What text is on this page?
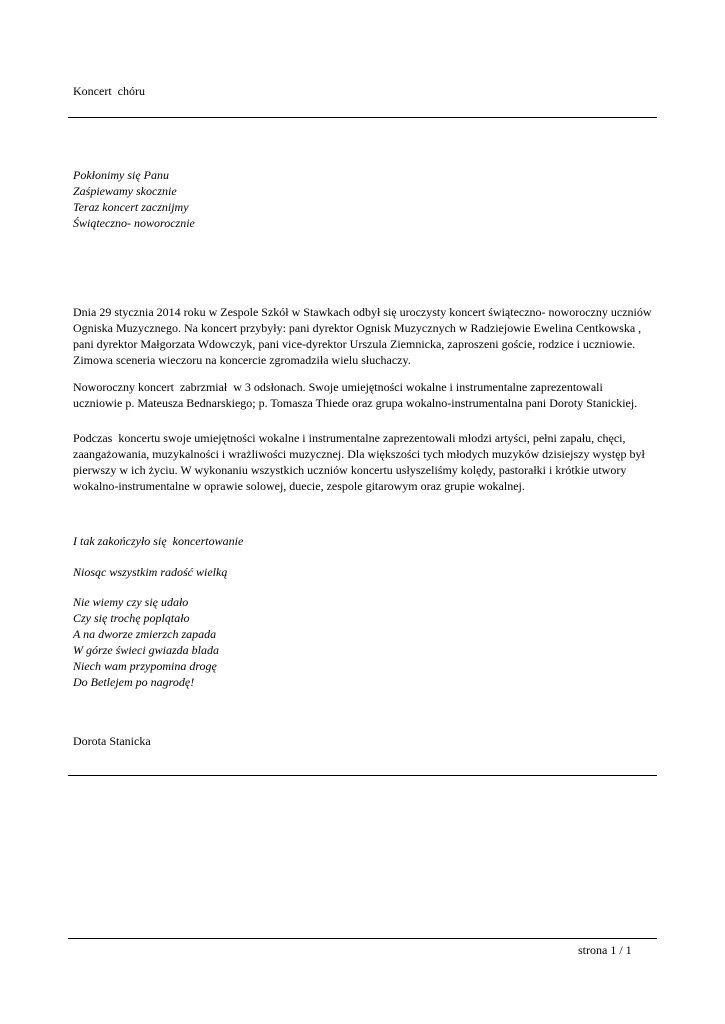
Koncert  chóru
Pokłonimy się Panu
Zaśpiewamy skocznie
Teraz koncert zacznijmy
Świąteczno- noworocznie
Dnia 29 stycznia 2014 roku w Zespole Szkół w Stawkach odbył się uroczysty koncert świąteczno- noworoczny uczniów
Ogniska Muzycznego. Na koncert przybyły: pani dyrektor Ognisk Muzycznych w Radziejowie Ewelina Centkowska ,
pani dyrektor Małgorzata Wdowczyk, pani vice-dyrektor Urszula Ziemnicka, zaproszeni goście, rodzice i uczniowie.
Zimowa sceneria wieczoru na koncercie zgromadziła wielu słuchaczy.
Noworoczny koncert  zabrzmiał  w 3 odsłonach. Swoje umiejętności wokalne i instrumentalne zaprezentowali
uczniowie p. Mateusza Bednarskiego; p. Tomasza Thiede oraz grupa wokalno-instrumentalna pani Doroty Stanickiej.
Podczas  koncertu swoje umiejętności wokalne i instrumentalne zaprezentowali młodzi artyści, pełni zapału, chęci,
zaangażowania, muzykalności i wrażliwości muzycznej. Dla większości tych młodych muzyków dzisiejszy występ był
pierwszy w ich życiu. W wykonaniu wszystkich uczniów koncertu usłyszeliśmy kolędy, pastorałki i krótkie utwory
wokalno-instrumentalne w oprawie solowej, duecie, zespole gitarowym oraz grupie wokalnej.
I tak zakończyło się  koncertowanie
Niosąc wszystkim radość wielką
Nie wiemy czy się udało
Czy się trochę poplątało
A na dworze zmierzch zapada
W górze świeci gwiazda blada
Niech wam przypomina drogę
Do Betlejem po nagrodę!
Dorota Stanicka
strona 1 / 1
